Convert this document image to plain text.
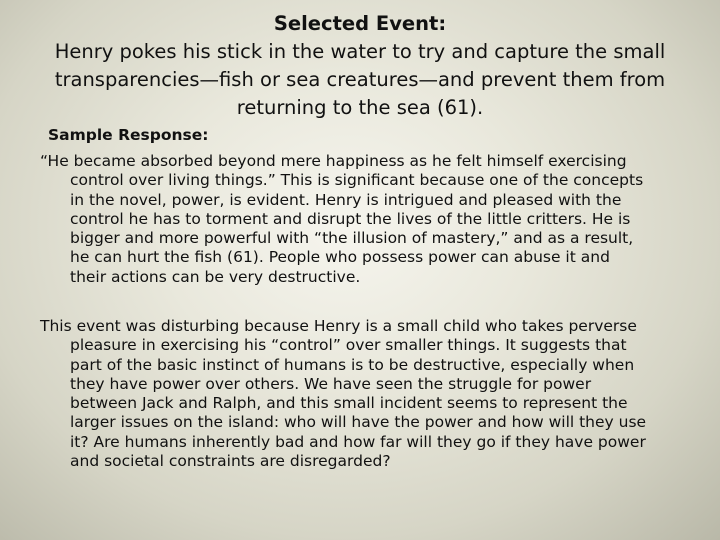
Selected Event:
Henry pokes his stick in the water to try and capture the small
transparencies—fish or sea creatures—and prevent them from
returning to the sea (61).
Sample Response:
“He became absorbed beyond mere happiness as he felt himself exercising
control over living things.” This is significant because one of the concepts
in the novel, power, is evident. Henry is intrigued and pleased with the
control he has to torment and disrupt the lives of the little critters. He is
bigger and more powerful with “the illusion of mastery,” and as a result,
he can hurt the fish (61). People who possess power can abuse it and
their actions can be very destructive.
This event was disturbing because Henry is a small child who takes perverse
pleasure in exercising his “control” over smaller things. It suggests that
part of the basic instinct of humans is to be destructive, especially when
they have power over others. We have seen the struggle for power
between Jack and Ralph, and this small incident seems to represent the
larger issues on the island: who will have the power and how will they use
it? Are humans inherently bad and how far will they go if they have power
and societal constraints are disregarded?
